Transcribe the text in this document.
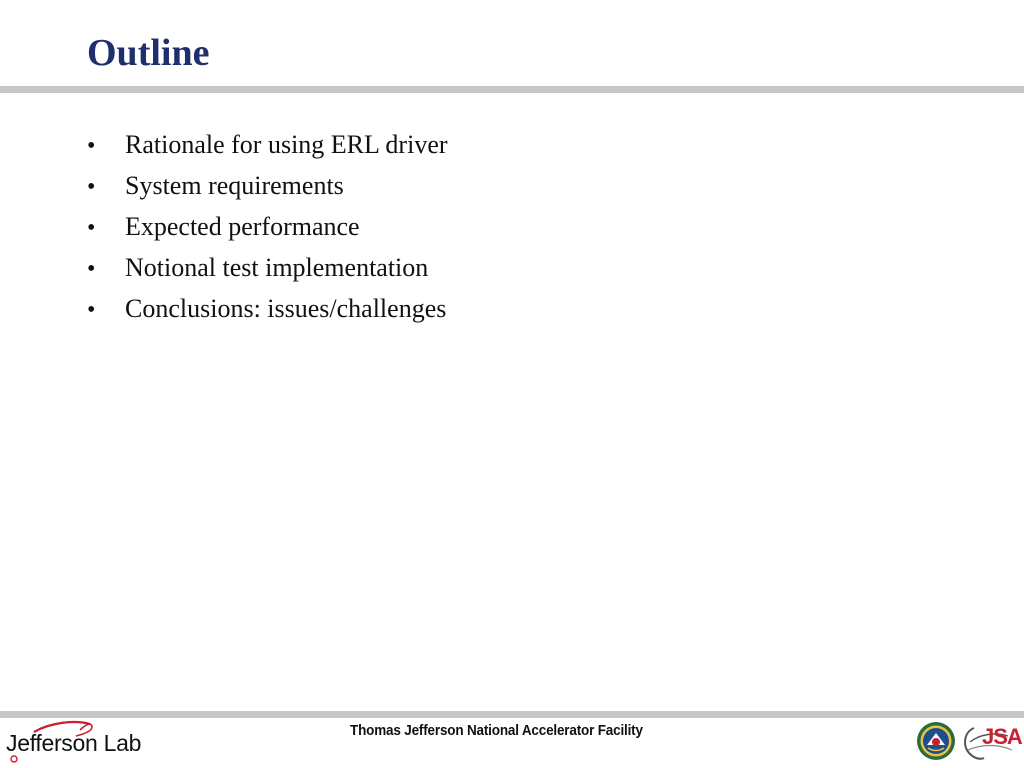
Outline
•	Rationale for using ERL driver
•	System requirements
•	Expected performance
•	Notional test implementation
•	Conclusions: issues/challenges
Jefferson Lab	Thomas Jefferson National Accelerator Facility	JSA
